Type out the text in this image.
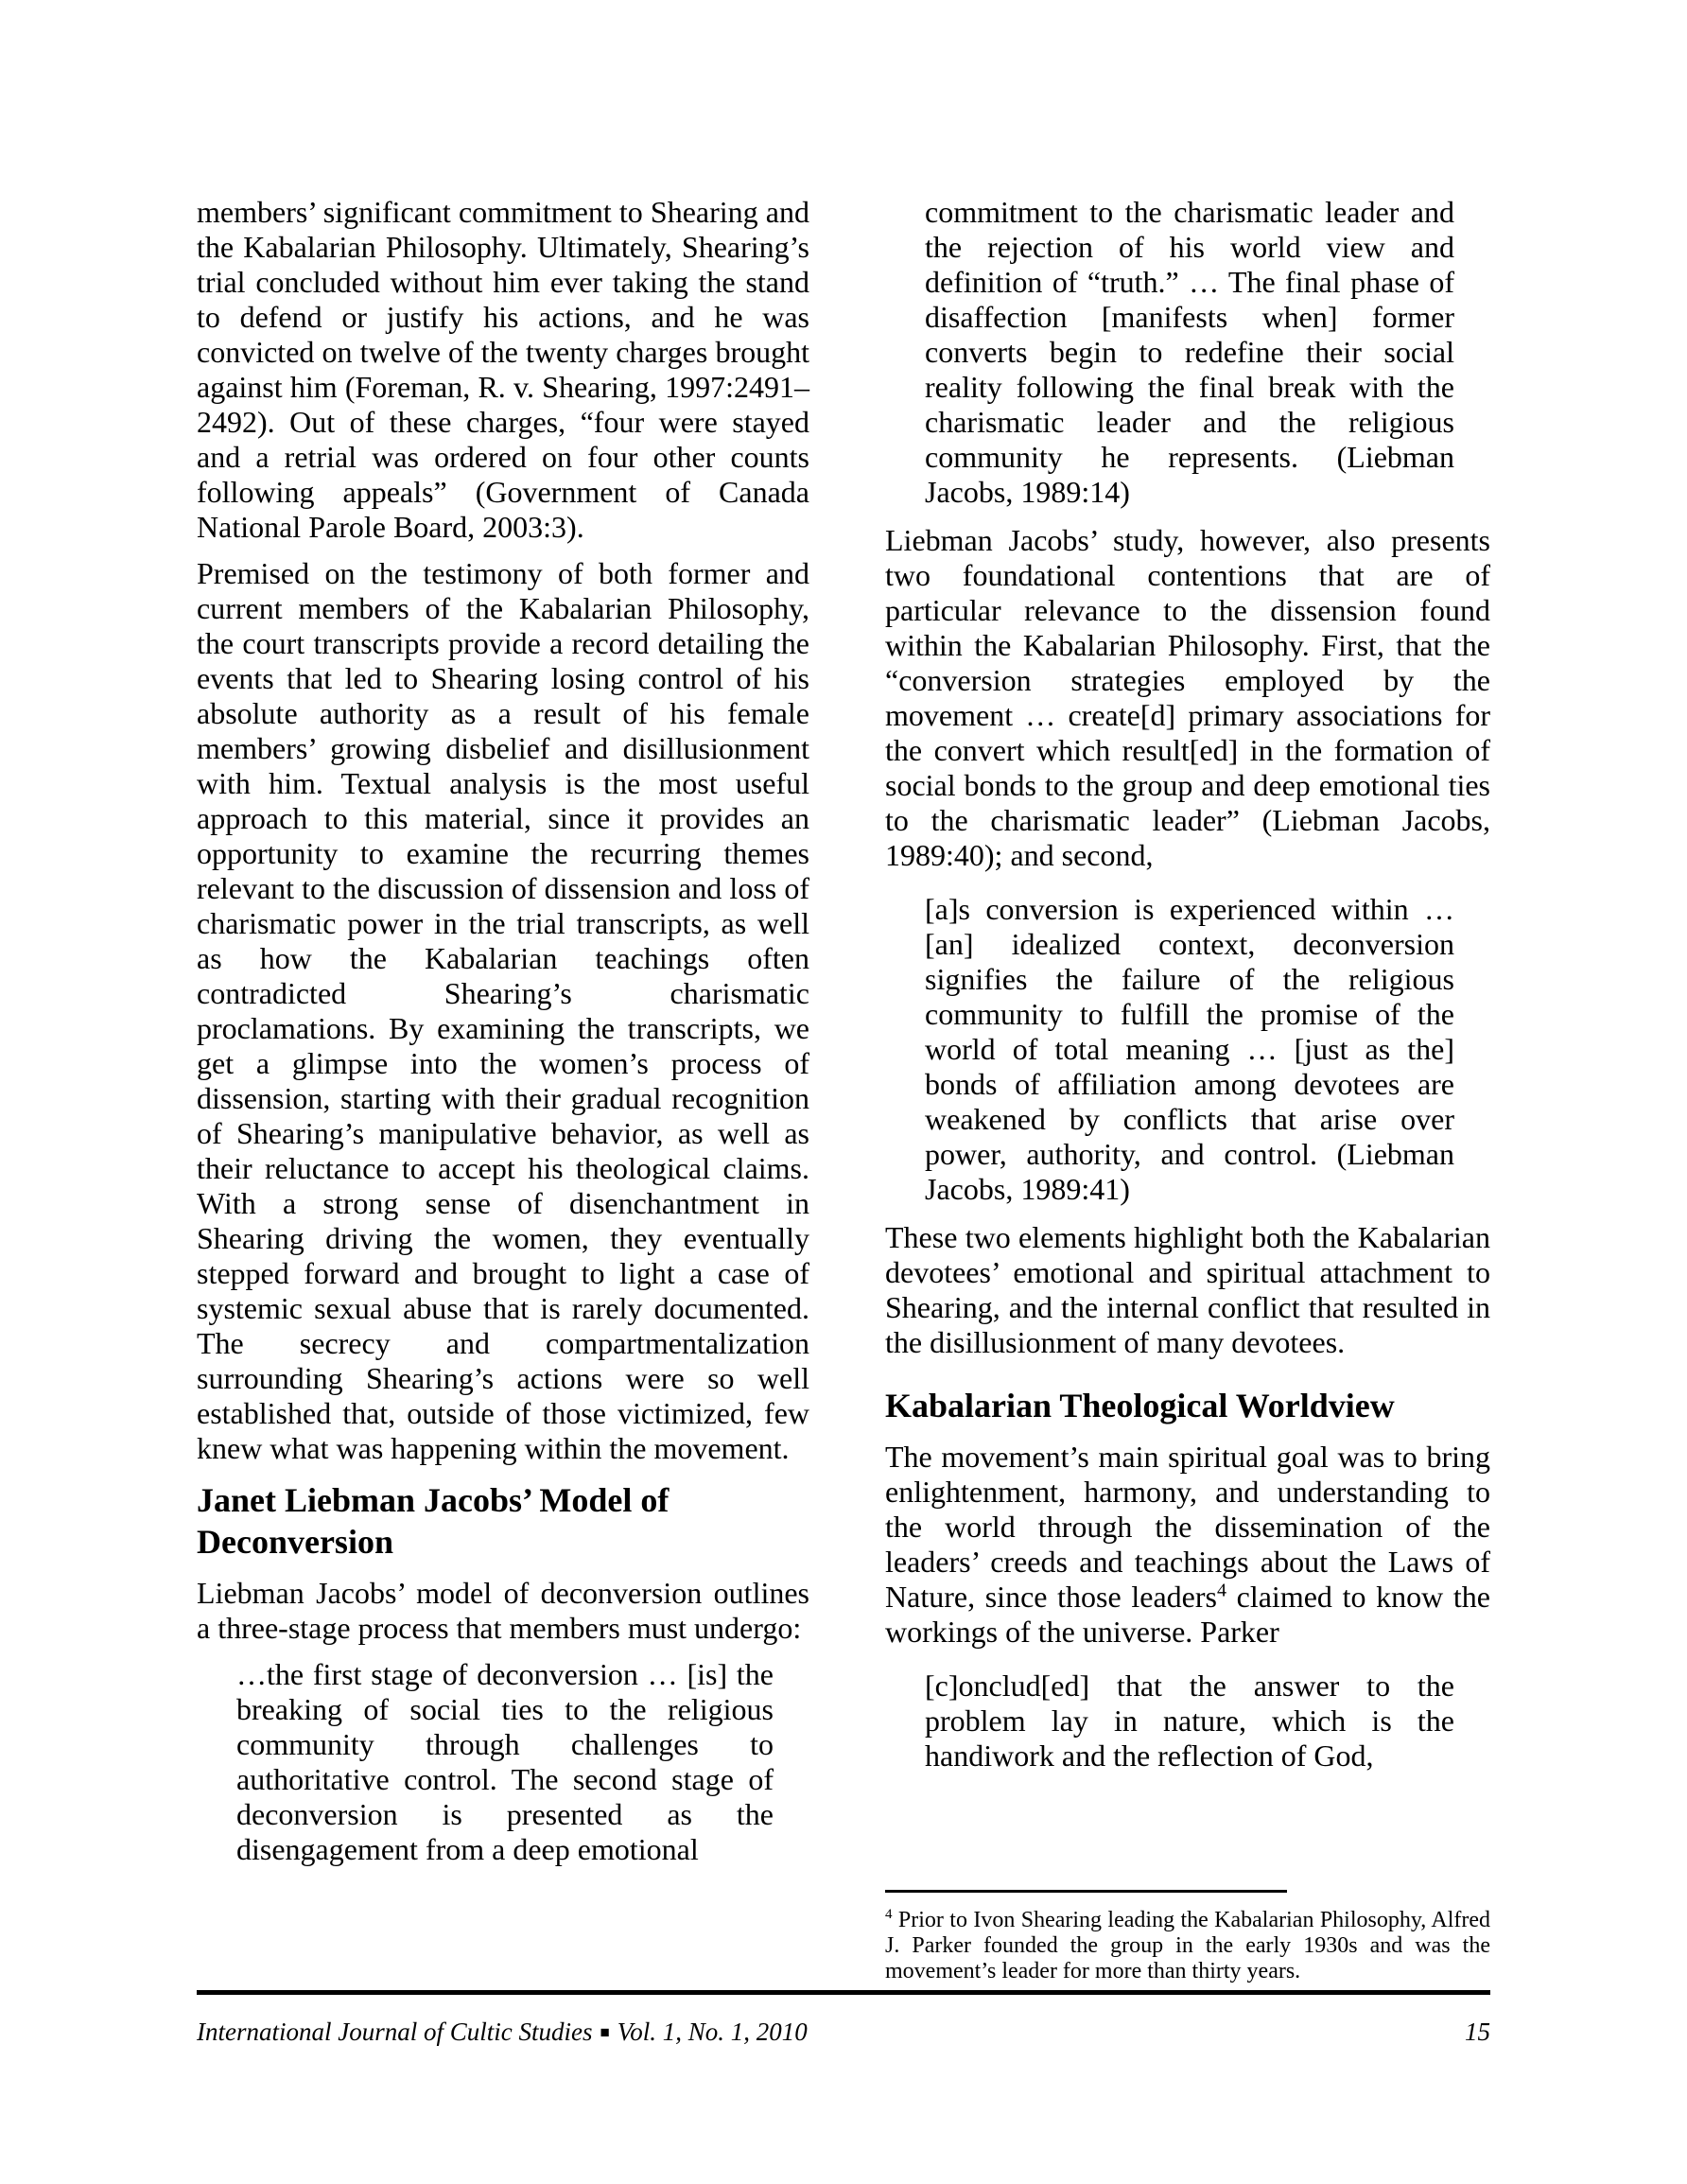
members’ significant commitment to Shearing and the Kabalarian Philosophy. Ultimately, Shearing’s trial concluded without him ever taking the stand to defend or justify his actions, and he was convicted on twelve of the twenty charges brought against him (Foreman, R. v. Shearing, 1997:2491–2492). Out of these charges, “four were stayed and a retrial was ordered on four other counts following appeals” (Government of Canada National Parole Board, 2003:3).

Premised on the testimony of both former and current members of the Kabalarian Philosophy, the court transcripts provide a record detailing the events that led to Shearing losing control of his absolute authority as a result of his female members’ growing disbelief and disillusionment with him. Textual analysis is the most useful approach to this material, since it provides an opportunity to examine the recurring themes relevant to the discussion of dissension and loss of charismatic power in the trial transcripts, as well as how the Kabalarian teachings often contradicted Shearing’s charismatic proclamations. By examining the transcripts, we get a glimpse into the women’s process of dissension, starting with their gradual recognition of Shearing’s manipulative behavior, as well as their reluctance to accept his theological claims. With a strong sense of disenchantment in Shearing driving the women, they eventually stepped forward and brought to light a case of systemic sexual abuse that is rarely documented. The secrecy and compartmentalization surrounding Shearing’s actions were so well established that, outside of those victimized, few knew what was happening within the movement.

Janet Liebman Jacobs’ Model of Deconversion

Liebman Jacobs’ model of deconversion outlines a three-stage process that members must undergo:

…the first stage of deconversion … [is] the breaking of social ties to the religious community through challenges to authoritative control. The second stage of deconversion is presented as the disengagement from a deep emotional
commitment to the charismatic leader and the rejection of his world view and definition of “truth.” … The final phase of disaffection [manifests when] former converts begin to redefine their social reality following the final break with the charismatic leader and the religious community he represents. (Liebman Jacobs, 1989:14)

Liebman Jacobs’ study, however, also presents two foundational contentions that are of particular relevance to the dissension found within the Kabalarian Philosophy. First, that the “conversion strategies employed by the movement … create[d] primary associations for the convert which result[ed] in the formation of social bonds to the group and deep emotional ties to the charismatic leader” (Liebman Jacobs, 1989:40); and second,

[a]s conversion is experienced within … [an] idealized context, deconversion signifies the failure of the religious community to fulfill the promise of the world of total meaning … [just as the] bonds of affiliation among devotees are weakened by conflicts that arise over power, authority, and control. (Liebman Jacobs, 1989:41)

These two elements highlight both the Kabalarian devotees’ emotional and spiritual attachment to Shearing, and the internal conflict that resulted in the disillusionment of many devotees.

Kabalarian Theological Worldview

The movement’s main spiritual goal was to bring enlightenment, harmony, and understanding to the world through the dissemination of the leaders’ creeds and teachings about the Laws of Nature, since those leaders$^4$ claimed to know the workings of the universe. Parker

[c]onclud[ed] that the answer to the problem lay in nature, which is the handiwork and the reflection of God,

$^4$ Prior to Ivon Shearing leading the Kabalarian Philosophy, Alfred J. Parker founded the group in the early 1930s and was the movement’s leader for more than thirty years.

International Journal of Cultic Studies ■ Vol. 1, No. 1, 2010	15
